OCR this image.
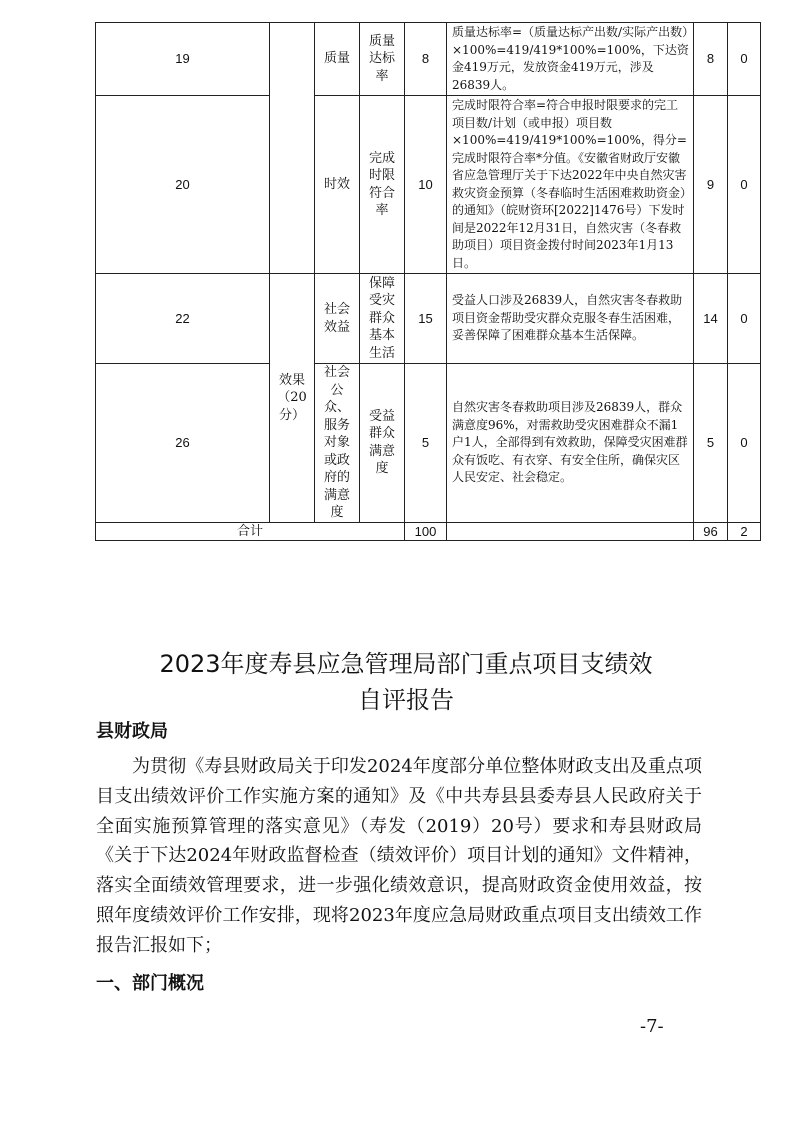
19		质量	质量达标率	8	质量达标率=（质量达标产出数/实际产出数）×100%=419/419*100%=100%，下达资金419万元，发放资金419万元，涉及26839人。	8	0
20		时效	完成时限符合率	10	完成时限符合率=符合申报时限要求的完工项目数/计划（或申报）项目数×100%=419/419*100%=100%，得分=完成时限符合率*分值。《安徽省财政厅安徽省应急管理厅关于下达2022年中央自然灾害救灾资金预算（冬春临时生活困难救助资金）的通知》（皖财资环[2022]1476号）下发时间是2022年12月31日，自然灾害（冬春救助项目）项目资金拨付时间2023年1月13日。	9	0
22	效果（20分）	社会效益	保障受灾群众基本生活	15	受益人口涉及26839人，自然灾害冬春救助项目资金帮助受灾群众克服冬春生活困难，妥善保障了困难群众基本生活保障。	14	0
26		社会公众、服务对象或政府的满意度	受益群众满意度	5	自然灾害冬春救助项目涉及26839人，群众满意度96%，对需救助受灾困难群众不漏1户1人，全部得到有效救助，保障受灾困难群众有饭吃、有衣穿、有安全住所，确保灾区人民安定、社会稳定。	5	0
合计				100		96	2
2023年度寿县应急管理局部门重点项目支绩效
自评报告
县财政局
为贯彻《寿县财政局关于印发2024年度部分单位整体财政支出及重点项目支出绩效评价工作实施方案的通知》及《中共寿县县委寿县人民政府关于全面实施预算管理的落实意见》（寿发（2019）20号）要求和寿县财政局《关于下达2024年财政监督检查（绩效评价）项目计划的通知》文件精神，落实全面绩效管理要求，进一步强化绩效意识，提高财政资金使用效益，按照年度绩效评价工作安排，现将2023年度应急局财政重点项目支出绩效工作报告汇报如下；
一、部门概况
-7-
